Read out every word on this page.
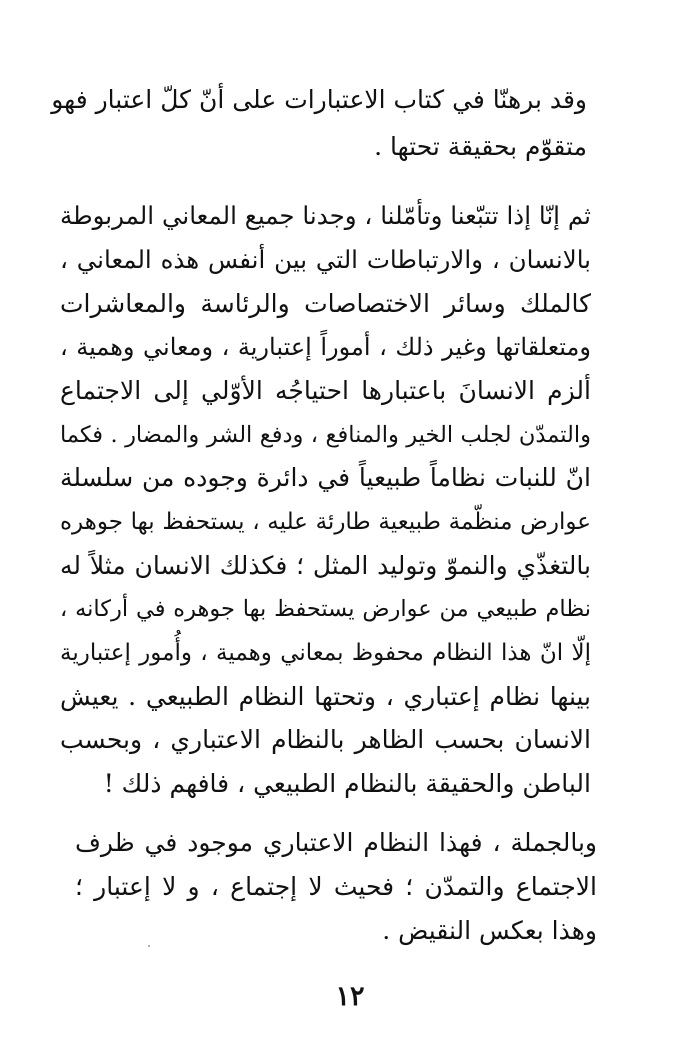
وقد برهنّا في كتاب الاعتبارات على أنّ كلّ اعتبار فهو
متقوّم بحقيقة تحتها .
ثم إنّا إذا تتبّعنا وتأمّلنا ، وجدنا جميع المعاني المربوطة
بالانسان ، والارتباطات التي بين أنفس هذه المعاني ،
كالملك وسائر الاختصاصات والرئاسة والمعاشرات
ومتعلقاتها وغير ذلك ، أموراً إعتبارية ، ومعاني وهمية ،
ألزم الانسانَ باعتبارها احتياجُه الأوّلي إلى الاجتماع
والتمدّن لجلب الخير والمنافع ، ودفع الشر والمضار . فكما
انّ للنبات نظاماً طبيعياً في دائرة وجوده من سلسلة
عوارض منظّمة طبيعية طارئة عليه ، يستحفظ بها جوهره
بالتغذّي والنموّ وتوليد المثل ؛ فكذلك الانسان مثلاً له
نظام طبيعي من عوارض يستحفظ بها جوهره في أركانه ،
إلّا انّ هذا النظام محفوظ بمعاني وهمية ، وأُمور إعتبارية
بينها نظام إعتباري ، وتحتها النظام الطبيعي . يعيش
الانسان بحسب الظاهر بالنظام الاعتباري ، وبحسب
الباطن والحقيقة بالنظام الطبيعي ، فافهم ذلك !
وبالجملة ، فهذا النظام الاعتباري موجود في ظرف
الاجتماع والتمدّن ؛ فحيث لا إجتماع ، و لا إعتبار ؛
وهذا بعكس النقيض .
١٢
